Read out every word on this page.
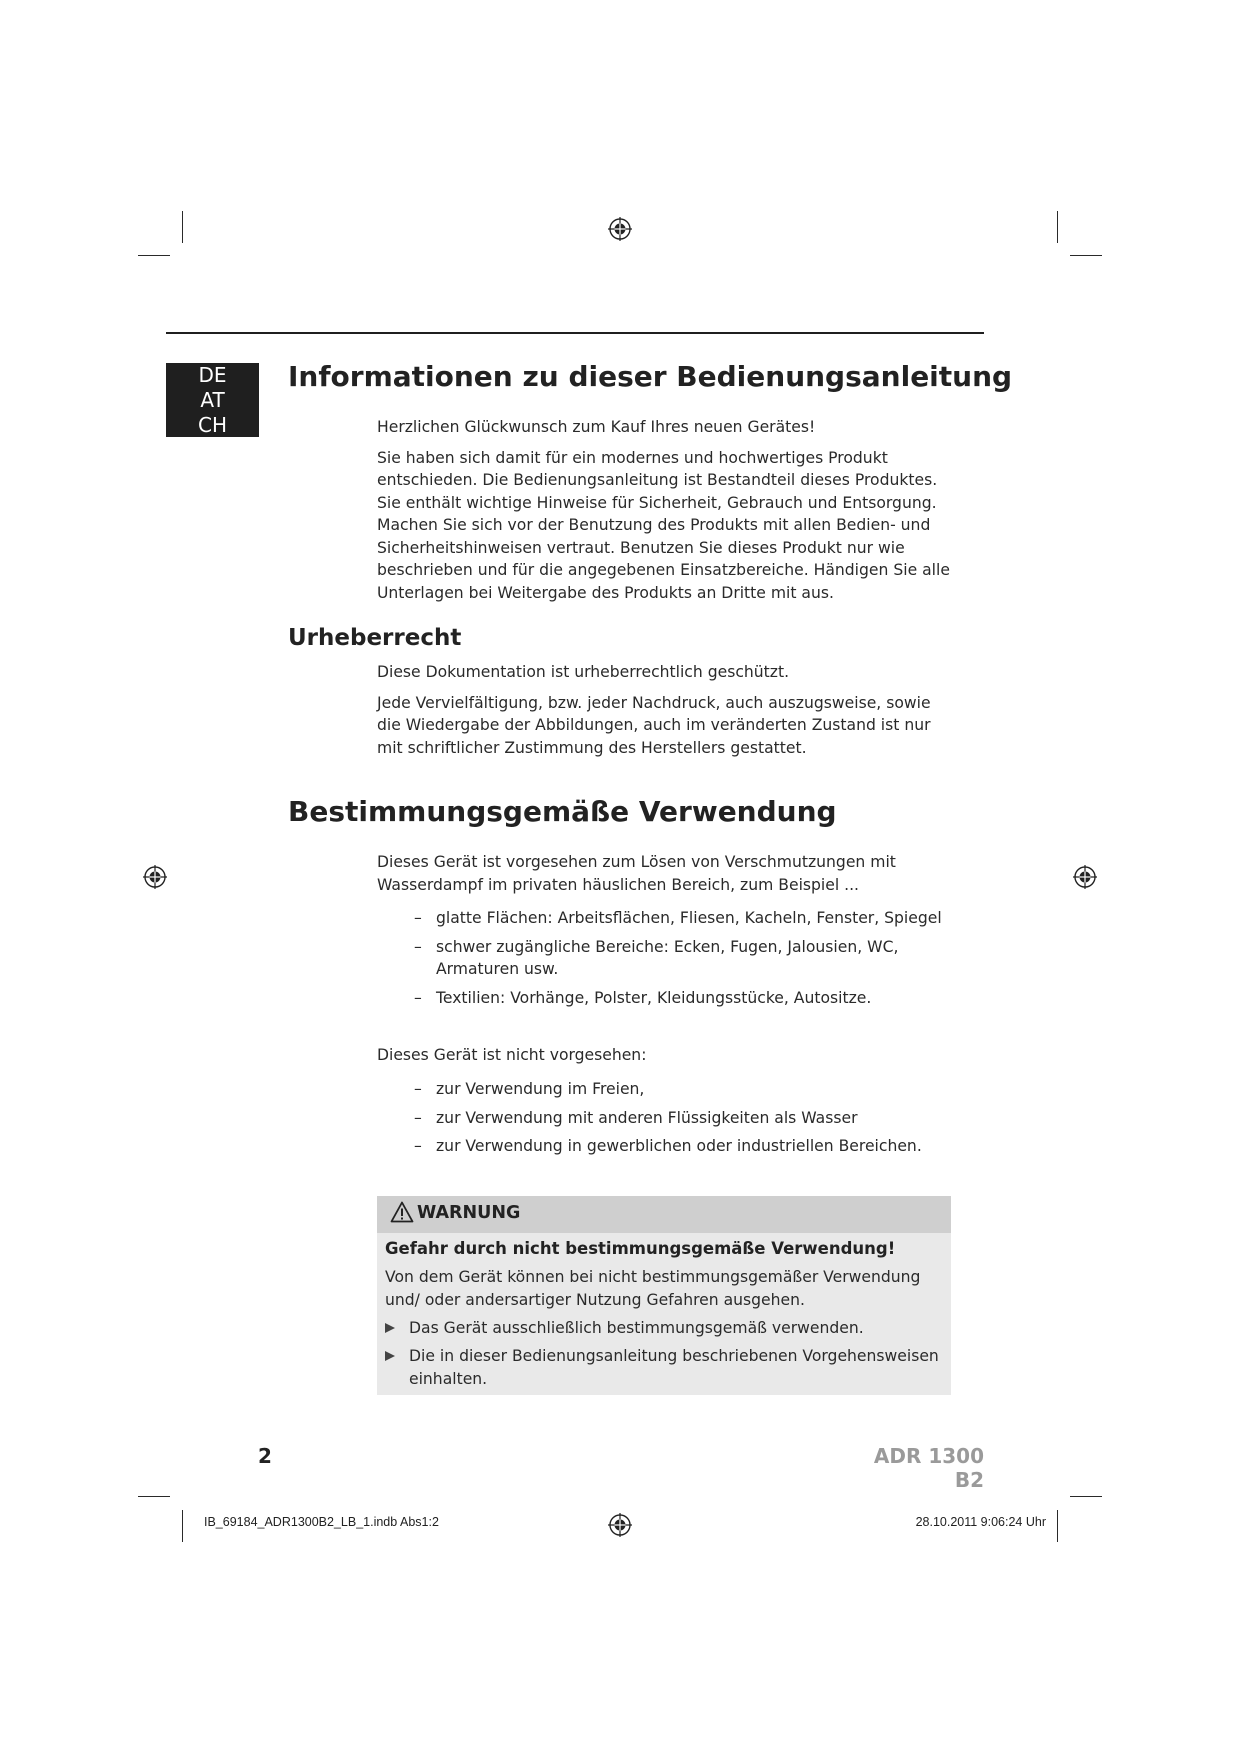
DE
AT
CH
Informationen zu dieser Bedienungsanleitung

Herzlichen Glückwunsch zum Kauf Ihres neuen Gerätes!

Sie haben sich damit für ein modernes und hochwertiges Produkt entschieden. Die Bedienungsanleitung ist Bestandteil dieses Produktes. Sie enthält wichtige Hinweise für Sicherheit, Gebrauch und Entsorgung. Machen Sie sich vor der Benutzung des Produkts mit allen Bedien- und Sicherheitshinweisen vertraut. Benutzen Sie dieses Produkt nur wie beschrieben und für die angegebenen Einsatzbereiche. Händigen Sie alle Unterlagen bei Weitergabe des Produkts an Dritte mit aus.

Urheberrecht

Diese Dokumentation ist urheberrechtlich geschützt.

Jede Vervielfältigung, bzw. jeder Nachdruck, auch auszugsweise, sowie die Wiedergabe der Abbildungen, auch im veränderten Zustand ist nur mit schriftlicher Zustimmung des Herstellers gestattet.

Bestimmungsgemäße Verwendung
Dieses Gerät ist vorgesehen zum Lösen von Verschmutzungen mit Wasserdampf im privaten häuslichen Bereich, zum Beispiel ...
– glatte Flächen: Arbeitsflächen, Fliesen, Kacheln, Fenster, Spiegel
– schwer zugängliche Bereiche: Ecken, Fugen, Jalousien, WC, Armaturen usw.
– Textilien: Vorhänge, Polster, Kleidungsstücke, Autositze.
Dieses Gerät ist nicht vorgesehen:
– zur Verwendung im Freien,
– zur Verwendung mit anderen Flüssigkeiten als Wasser
– zur Verwendung in gewerblichen oder industriellen Bereichen.
WARNUNG
Gefahr durch nicht bestimmungsgemäße Verwendung!
Von dem Gerät können bei nicht bestimmungsgemäßer Verwendung und/ oder andersartiger Nutzung Gefahren ausgehen.
Das Gerät ausschließlich bestimmungsgemäß verwenden.
Die in dieser Bedienungsanleitung beschriebenen Vorgehensweisen einhalten.
2	ADR 1300 B2
IB_69184_ADR1300B2_LB_1.indb Abs1:2	28.10.2011 9:06:24 Uhr
